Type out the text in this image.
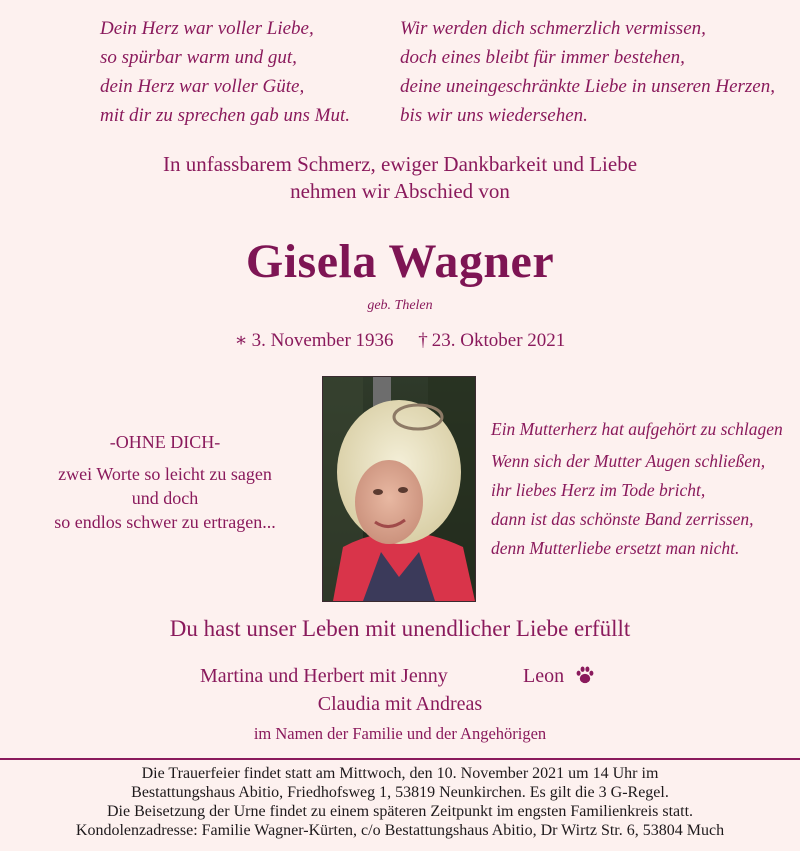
Dein Herz war voller Liebe,
so spürbar warm und gut,
dein Herz war voller Güte,
mit dir zu sprechen gab uns Mut.
Wir werden dich schmerzlich vermissen,
doch eines bleibt für immer bestehen,
deine uneingeschränkte Liebe in unseren Herzen,
bis wir uns wiedersehen.
In unfassbarem Schmerz, ewiger Dankbarkeit und Liebe
nehmen wir Abschied von
Gisela Wagner
geb. Thelen
∗ 3. November 1936 † 23. Oktober 2021
-OHNE DICH-
zwei Worte so leicht zu sagen
und doch
so endlos schwer zu ertragen...
Ein Mutterherz hat aufgehört zu schlagen
Wenn sich der Mutter Augen schließen,
ihr liebes Herz im Tode bricht,
dann ist das schönste Band zerrissen,
denn Mutterliebe ersetzt man nicht.
Du hast unser Leben mit unendlicher Liebe erfüllt
Martina und Herbert mit Jenny	Leon
Claudia mit Andreas
im Namen der Familie und der Angehörigen
Die Trauerfeier findet statt am Mittwoch, den 10. November 2021 um 14 Uhr im
Bestattungshaus Abitio, Friedhofsweg 1, 53819 Neunkirchen. Es gilt die 3 G-Regel.
Die Beisetzung der Urne findet zu einem späteren Zeitpunkt im engsten Familienkreis statt.
Kondolenzadresse: Familie Wagner-Kürten, c/o Bestattungshaus Abitio, Dr Wirtz Str. 6, 53804 Much
